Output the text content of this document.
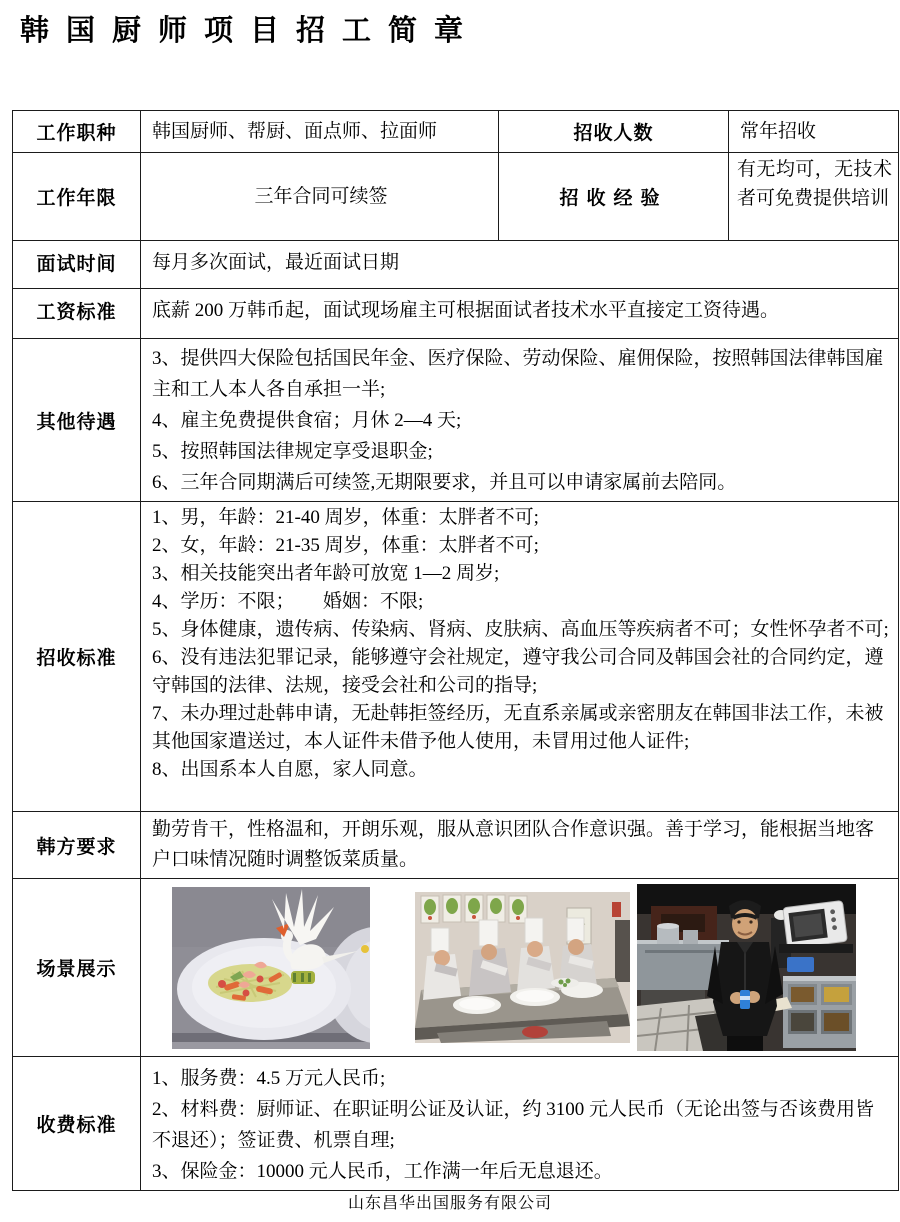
韩国厨师项目招工简章
工作职种	韩国厨师、帮厨、面点师、拉面师	招收人数	常年招收
工作年限	三年合同可续签	招收经验	有无均可，无技术者可免费提供培训
面试时间	每月多次面试，最近面试日期		
工资标准	底薪 200 万韩币起，面试现场雇主可根据面试者技术水平直接定工资待遇。		
其他待遇	3、提供四大保险包括国民年金、医疗保险、劳动保险、雇佣保险，按照韩国法律韩国雇主和工人本人各自承担一半;
4、雇主免费提供食宿；月休 2—4 天;
5、按照韩国法律规定享受退职金;
6、三年合同期满后可续签,无期限要求，并且可以申请家属前去陪同。		

招收标准	
1、男，年龄：21-40 周岁，体重：太胖者不可;
2、女，年龄：21-35 周岁，体重：太胖者不可;
3、相关技能突出者年龄可放宽 1—2 周岁;
4、学历：不限；　　婚姻：不限;
5、身体健康，遗传病、传染病、肾病、皮肤病、高血压等疾病者不可；女性怀孕者不可;
6、没有违法犯罪记录，能够遵守会社规定，遵守我公司合同及韩国会社的合同约定，遵守韩国的法律、法规，接受会社和公司的指导;
7、未办理过赴韩申请，无赴韩拒签经历，无直系亲属或亲密朋友在韩国非法工作，未被其他国家遣送过，本人证件未借予他人使用，未冒用过他人证件;
8、出国系本人自愿，家人同意。

韩方要求	勤劳肯干，性格温和，开朗乐观，服从意识团队合作意识强。善于学习，能根据当地客户口味情况随时调整饭菜质量。		
场景展示	

收费标准	1、服务费：4.5 万元人民币;
2、材料费：厨师证、在职证明公证及认证，约 3100 元人民币（无论出签与否该费用皆不退还）；签证费、机票自理;
3、保险金：10000 元人民币，工作满一年后无息退还。		
山东昌华出国服务有限公司
